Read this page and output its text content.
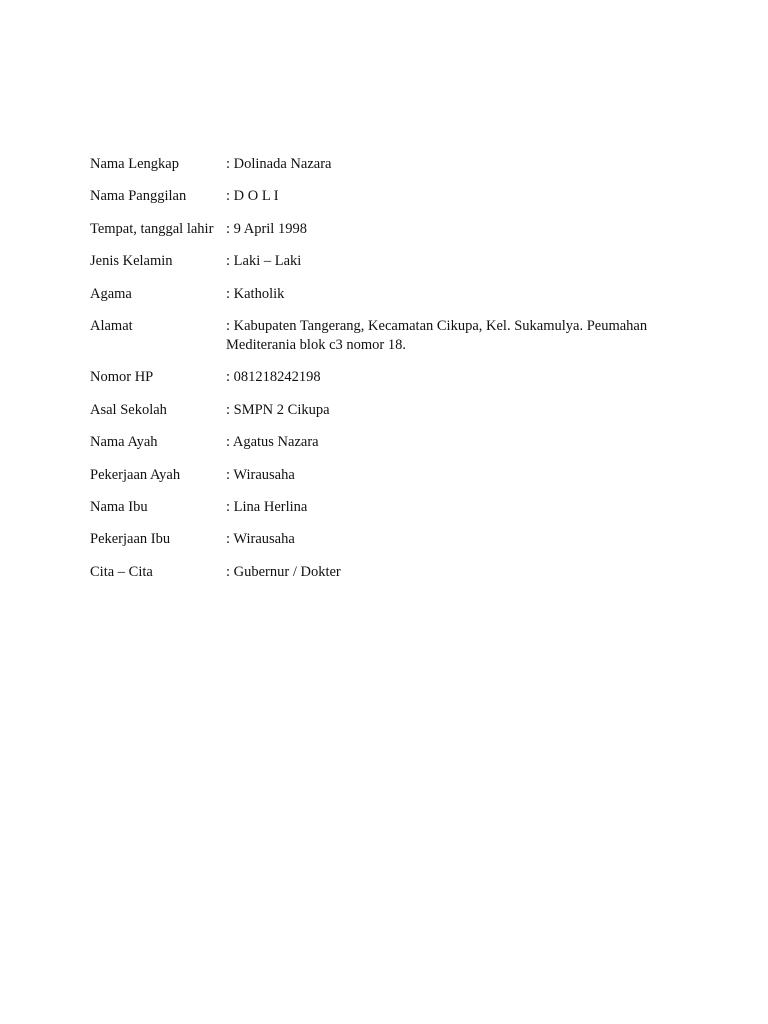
Nama Lengkap	: Dolinada Nazara
Nama Panggilan	: D O L I
Tempat, tanggal lahir : 9 April 1998
Jenis Kelamin	: Laki – Laki
Agama	: Katholik
Alamat	: Kabupaten Tangerang, Kecamatan Cikupa, Kel. Sukamulya. Peumahan Mediterania blok c3 nomor 18.
Nomor HP	: 081218242198
Asal Sekolah	: SMPN 2 Cikupa
Nama Ayah	: Agatus Nazara
Pekerjaan Ayah	: Wirausaha
Nama Ibu	: Lina Herlina
Pekerjaan Ibu	: Wirausaha
Cita – Cita	: Gubernur / Dokter
